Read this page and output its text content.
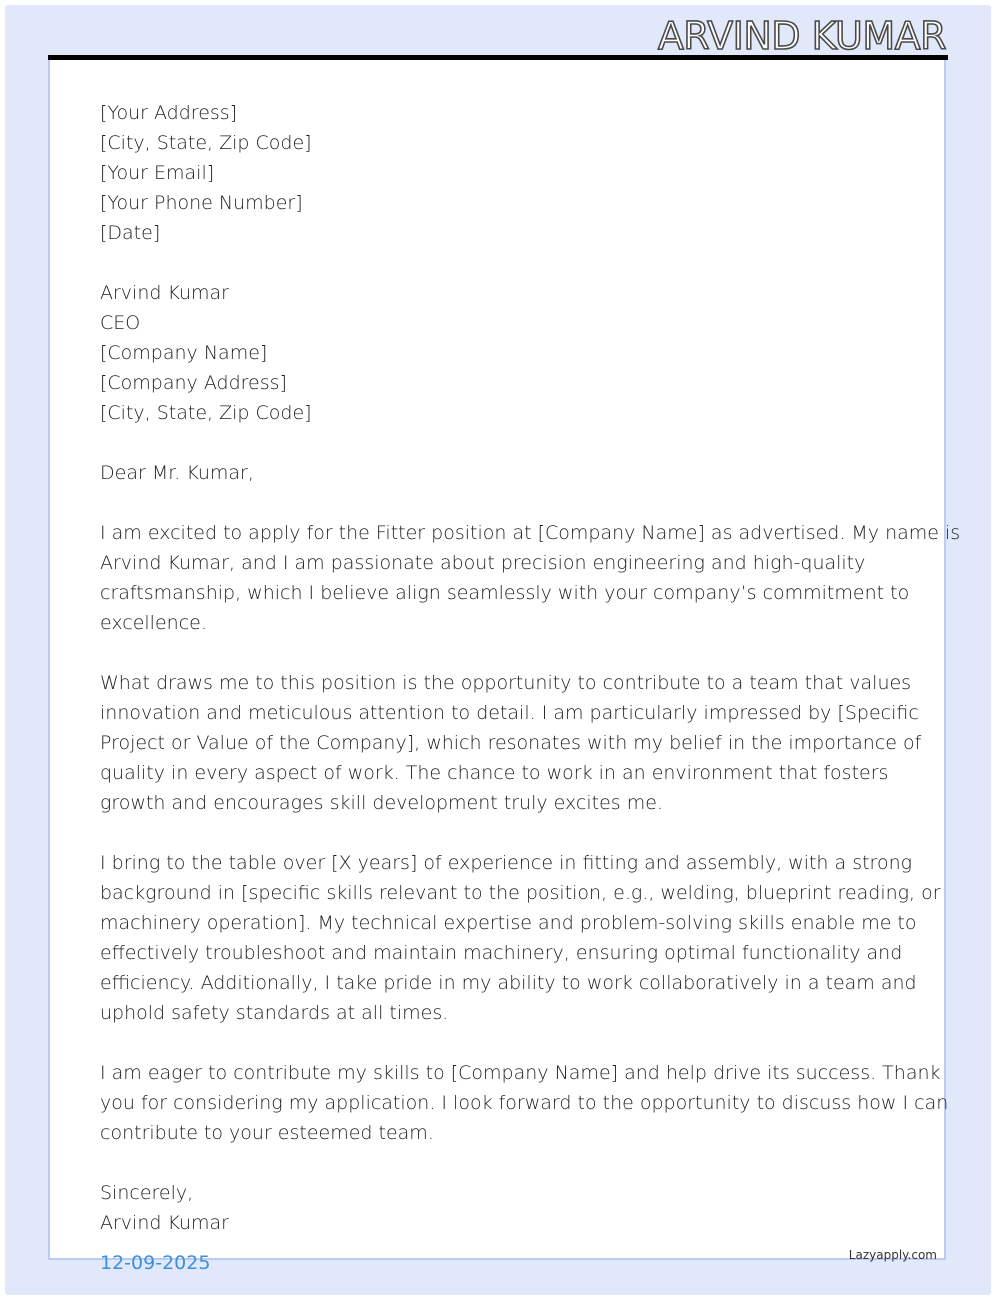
ARVIND KUMAR
[Your Address]
[City, State, Zip Code]
[Your Email]
[Your Phone Number]
[Date]
Arvind Kumar
CEO
[Company Name]
[Company Address]
[City, State, Zip Code]
Dear Mr. Kumar,
I am excited to apply for the Fitter position at [Company Name] as advertised. My name is
Arvind Kumar, and I am passionate about precision engineering and high-quality
craftsmanship, which I believe align seamlessly with your company’s commitment to
excellence.
What draws me to this position is the opportunity to contribute to a team that values
innovation and meticulous attention to detail. I am particularly impressed by [Specific
Project or Value of the Company], which resonates with my belief in the importance of
quality in every aspect of work. The chance to work in an environment that fosters
growth and encourages skill development truly excites me.
I bring to the table over [X years] of experience in fitting and assembly, with a strong
background in [specific skills relevant to the position, e.g., welding, blueprint reading, or
machinery operation]. My technical expertise and problem-solving skills enable me to
effectively troubleshoot and maintain machinery, ensuring optimal functionality and
efficiency. Additionally, I take pride in my ability to work collaboratively in a team and
uphold safety standards at all times.
I am eager to contribute my skills to [Company Name] and help drive its success. Thank
you for considering my application. I look forward to the opportunity to discuss how I can
contribute to your esteemed team.
Sincerely,
Arvind Kumar
12-09-2025	Lazyapply.com
